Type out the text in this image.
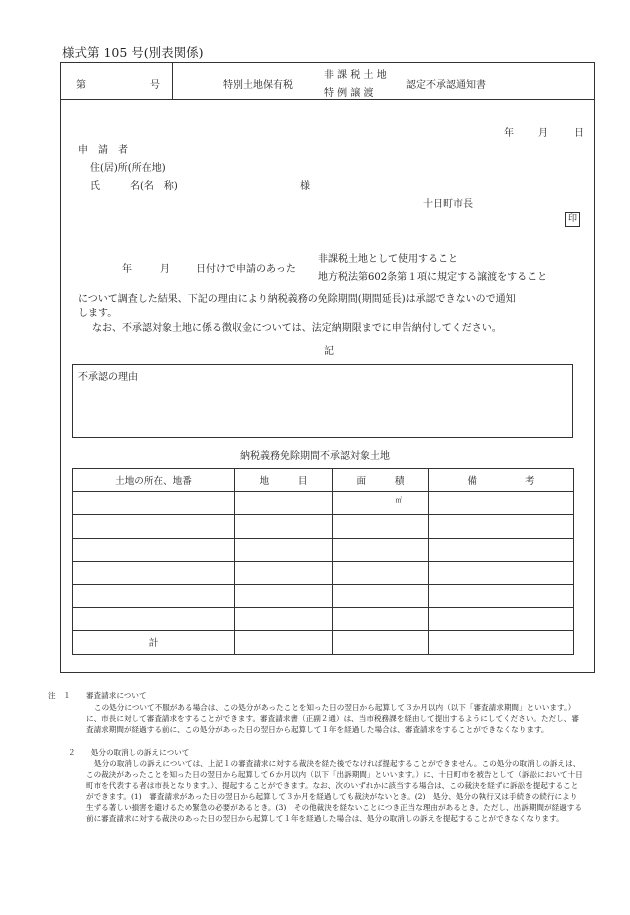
様式第 105 号(別表関係)
第	号	特別土地保有税
非 課 税 土 地
特 例 譲 渡
認定不承認通知書
年 月	日
申　請　者
住(居)所(所在地)
氏　　　名(名　称)	様
十日町市長
印
年	月	日付けで申請のあった
非課税土地として使用すること
地方税法第602条第１項に規定する譲渡をすること
について調査した結果、下記の理由により納税義務の免除期間(期間延長)は承認できないので通知
します。
なお、不承認対象土地に係る徴収金については、法定納期限までに申告納付してください。
記
不承認の理由
納税義務免除期間不承認対象土地
土地の所在、地番	地　　　目	面　　　積	備　　　　　考

		㎡	

計			
注　１　　審査請求について
この処分について不服がある場合は、この処分があったことを知った日の翌日から起算して３か月以内（以下「審査請求期間」といいます。）に、市長に対して審査請求をすることができます。審査請求書（正副２通）は、当市税務課を経由して提出するようにしてください。ただし、審査請求期間が経過する前に、この処分があった日の翌日から起算して１年を経過した場合は、審査請求をすることができなくなります。
２　　処分の取消しの訴えについて
処分の取消しの訴えについては、上記１の審査請求に対する裁決を経た後でなければ提起することができません。この処分の取消しの訴えは、この裁決があったことを知った日の翌日から起算して６か月以内（以下「出訴期間」といいます。）に、十日町市を被告として（訴訟において十日町市を代表する者は市長となります。）、提起することができます。なお、次のいずれかに該当する場合は、この裁決を経ずに訴訟を提起することができます。(1)　審査請求があった日の翌日から起算して３か月を経過しても裁決がないとき。(2)　処分、処分の執行又は手続きの続行により生ずる著しい損害を避けるため緊急の必要があるとき。(3)　その他裁決を経ないことにつき正当な理由があるとき。ただし、出訴期間が経過する前に審査請求に対する裁決のあった日の翌日から起算して１年を経過した場合は、処分の取消しの訴えを提起することができなくなります。
